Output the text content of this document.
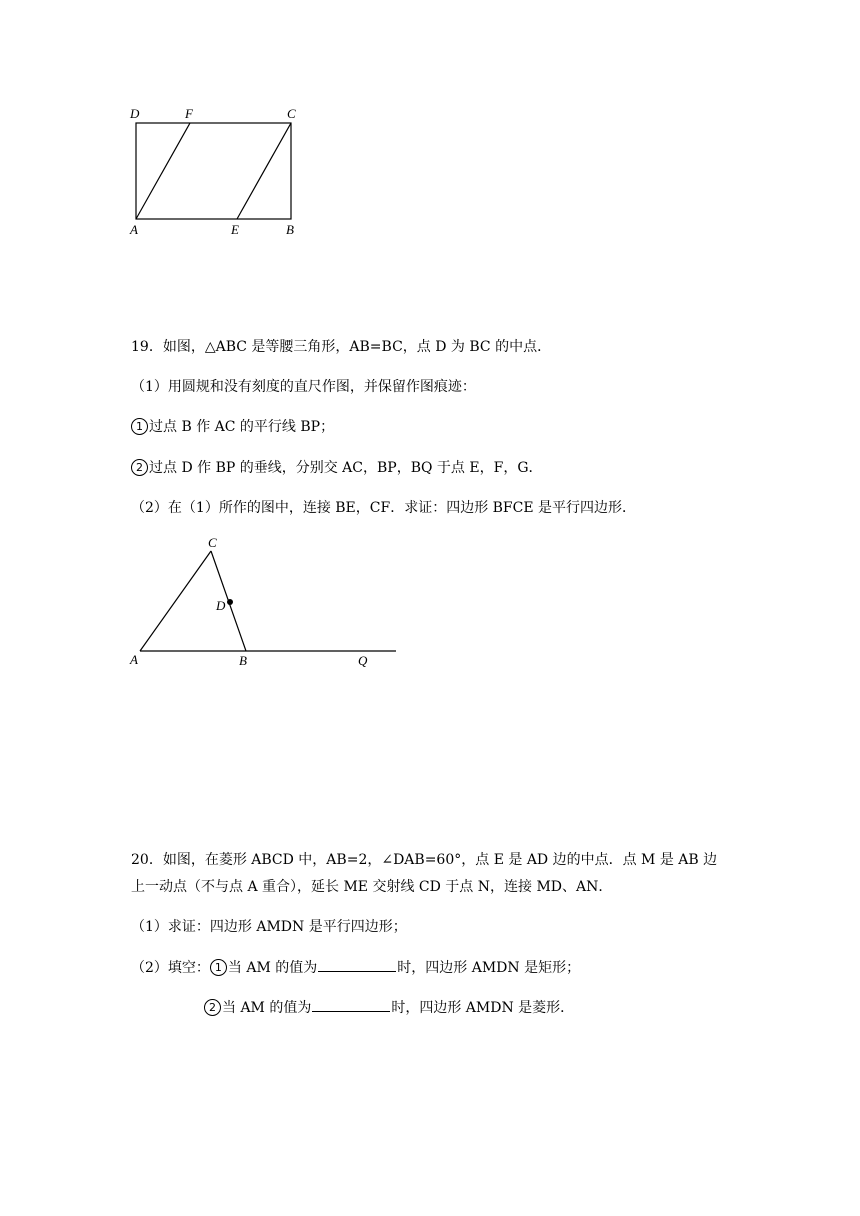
D	F	C
A	E	B
19．如图，△ABC 是等腰三角形，AB=BC，点 D 为 BC 的中点．
（1）用圆规和没有刻度的直尺作图，并保留作图痕迹：
1 过点 B 作 AC 的平行线 BP；
2 过点 D 作 BP 的垂线，分别交 AC，BP，BQ 于点 E，F，G．
（2）在（1）所作的图中，连接 BE，CF．求证：四边形 BFCE 是平行四边形．
C
D
A	B	Q
20．如图，在菱形 ABCD 中，AB=2，∠DAB=60°，点 E 是 AD 边的中点．点 M 是 AB 边
上一动点（不与点 A 重合），延长 ME 交射线 CD 于点 N，连接 MD、AN．
（1）求证：四边形 AMDN 是平行四边形；
（2）填空： 1 当 AM 的值为	时，四边形 AMDN 是矩形；
2 当 AM 的值为	时，四边形 AMDN 是菱形．
